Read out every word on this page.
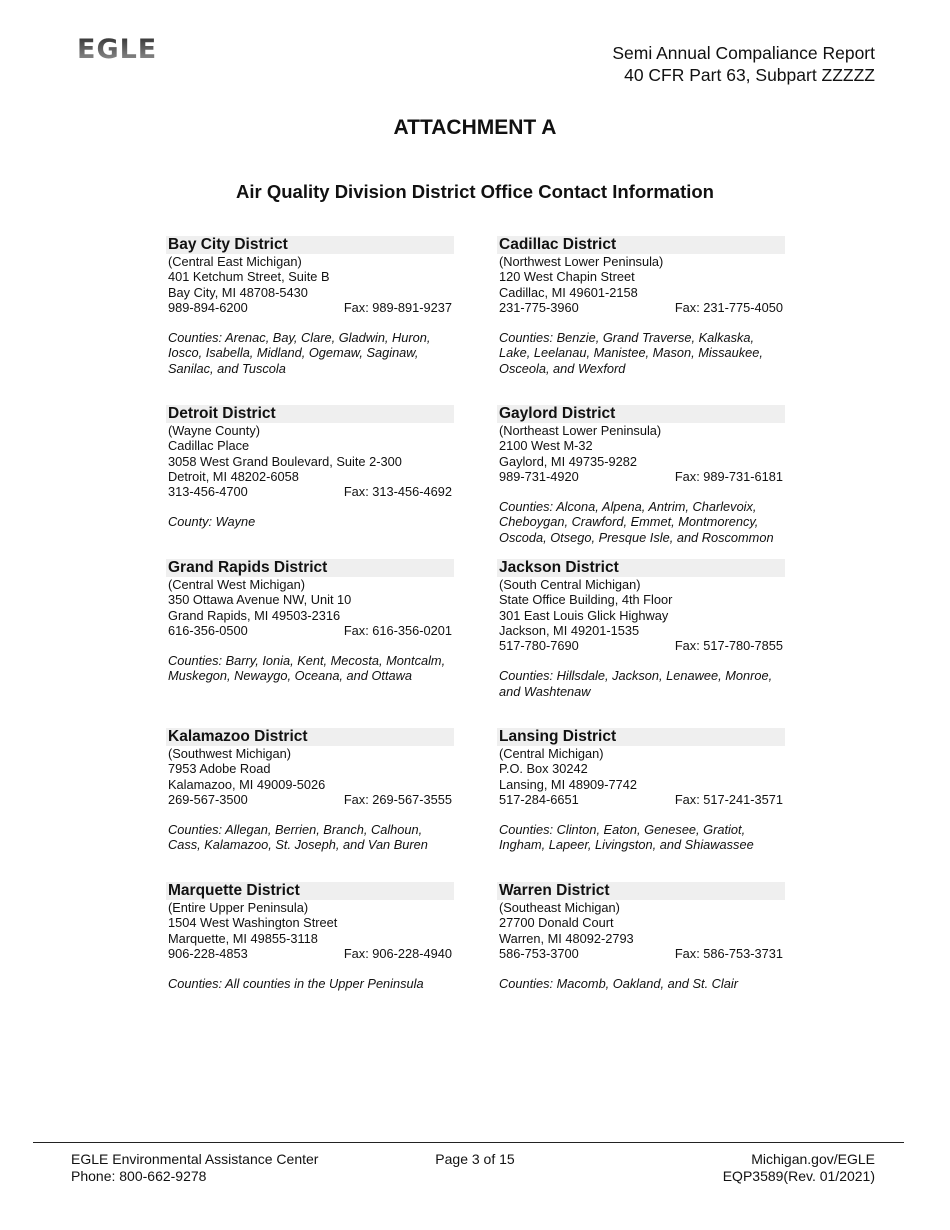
EGLE	Semi Annual Compaliance Report
40 CFR Part 63, Subpart ZZZZZ
ATTACHMENT A
Air Quality Division District Office Contact Information
Bay City District
(Central East Michigan)
401 Ketchum Street, Suite B
Bay City, MI 48708-5430
989-894-6200	Fax: 989-891-9237
Counties: Arenac, Bay, Clare, Gladwin, Huron, Iosco, Isabella, Midland, Ogemaw, Saginaw, Sanilac, and Tuscola
Cadillac District
(Northwest Lower Peninsula)
120 West Chapin Street
Cadillac, MI 49601-2158
231-775-3960	Fax: 231-775-4050
Counties: Benzie, Grand Traverse, Kalkaska, Lake, Leelanau, Manistee, Mason, Missaukee, Osceola, and Wexford
Detroit District
(Wayne County)
Cadillac Place
3058 West Grand Boulevard, Suite 2-300
Detroit, MI 48202-6058
313-456-4700	Fax: 313-456-4692
County: Wayne
Gaylord District
(Northeast Lower Peninsula)
2100 West M-32
Gaylord, MI 49735-9282
989-731-4920	Fax: 989-731-6181
Counties: Alcona, Alpena, Antrim, Charlevoix, Cheboygan, Crawford, Emmet, Montmorency, Oscoda, Otsego, Presque Isle, and Roscommon
Grand Rapids District
(Central West Michigan)
350 Ottawa Avenue NW, Unit 10
Grand Rapids, MI 49503-2316
616-356-0500	Fax: 616-356-0201
Counties: Barry, Ionia, Kent, Mecosta, Montcalm, Muskegon, Newaygo, Oceana, and Ottawa
Jackson District
(South Central Michigan)
State Office Building, 4th Floor
301 East Louis Glick Highway
Jackson, MI 49201-1535
517-780-7690	Fax: 517-780-7855
Counties: Hillsdale, Jackson, Lenawee, Monroe, and Washtenaw
Kalamazoo District
(Southwest Michigan)
7953 Adobe Road
Kalamazoo, MI 49009-5026
269-567-3500	Fax: 269-567-3555
Counties: Allegan, Berrien, Branch, Calhoun, Cass, Kalamazoo, St. Joseph, and Van Buren
Lansing District
(Central Michigan)
P.O. Box 30242
Lansing, MI 48909-7742
517-284-6651	Fax: 517-241-3571
Counties: Clinton, Eaton, Genesee, Gratiot, Ingham, Lapeer, Livingston, and Shiawassee
Marquette District
(Entire Upper Peninsula)
1504 West Washington Street
Marquette, MI 49855-3118
906-228-4853	Fax: 906-228-4940
Counties: All counties in the Upper Peninsula
Warren District
(Southeast Michigan)
27700 Donald Court
Warren, MI 48092-2793
586-753-3700	Fax: 586-753-3731
Counties: Macomb, Oakland, and St. Clair
EGLE Environmental Assistance Center
Phone: 800-662-9278
Page 3 of 15	Michigan.gov/EGLE
EQP3589(Rev. 01/2021)
